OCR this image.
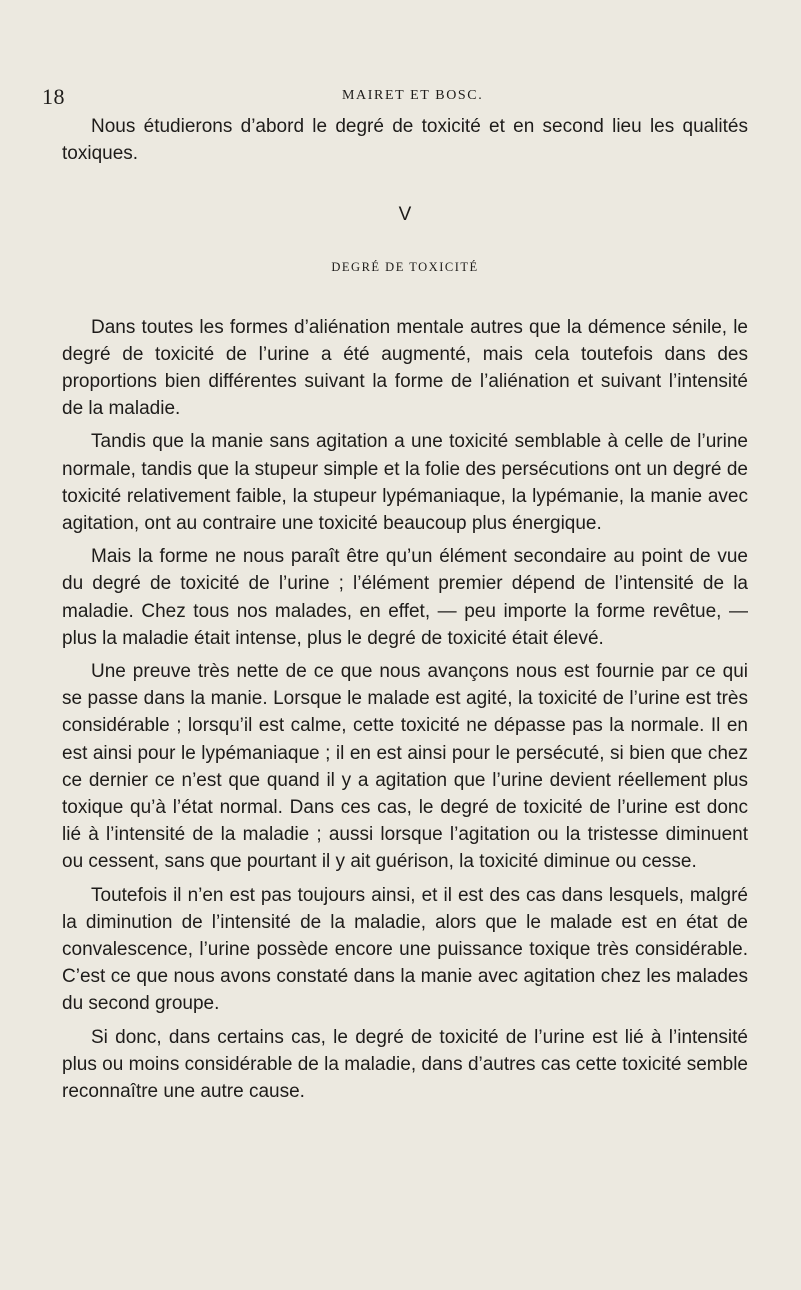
18	MAIRET ET BOSC.

Nous étudierons d’abord le degré de toxicité et en second lieu les qualités toxiques.

V
DEGRÉ DE TOXICITÉ

Dans toutes les formes d’aliénation mentale autres que la démence sénile, le degré de toxicité de l’urine a été augmenté, mais cela toutefois dans des proportions bien différentes suivant la forme de l’aliénation et suivant l’intensité de la maladie.

Tandis que la manie sans agitation a une toxicité semblable à celle de l’urine normale, tandis que la stupeur simple et la folie des persécutions ont un degré de toxicité relativement faible, la stupeur lypémaniaque, la lypémanie, la manie avec agitation, ont au contraire une toxicité beaucoup plus énergique.

Mais la forme ne nous paraît être qu’un élément secondaire au point de vue du degré de toxicité de l’urine ; l’élément premier dépend de l’intensité de la maladie. Chez tous nos malades, en effet, — peu importe la forme revêtue, — plus la maladie était intense, plus le degré de toxicité était élevé.

Une preuve très nette de ce que nous avançons nous est fournie par ce qui se passe dans la manie. Lorsque le malade est agité, la toxicité de l’urine est très considérable ; lorsqu’il est calme, cette toxicité ne dépasse pas la normale. Il en est ainsi pour le lypémaniaque ; il en est ainsi pour le persécuté, si bien que chez ce dernier ce n’est que quand il y a agitation que l’urine devient réellement plus toxique qu’à l’état normal. Dans ces cas, le degré de toxicité de l’urine est donc lié à l’intensité de la maladie ; aussi lorsque l’agitation ou la tristesse diminuent ou cessent, sans que pourtant il y ait guérison, la toxicité diminue ou cesse.

Toutefois il n’en est pas toujours ainsi, et il est des cas dans lesquels, malgré la diminution de l’intensité de la maladie, alors que le malade est en état de convalescence, l’urine possède encore une puissance toxique très considérable. C’est ce que nous avons constaté dans la manie avec agitation chez les malades du second groupe.

Si donc, dans certains cas, le degré de toxicité de l’urine est lié à l’intensité plus ou moins considérable de la maladie, dans d’autres cas cette toxicité semble reconnaître une autre cause.
